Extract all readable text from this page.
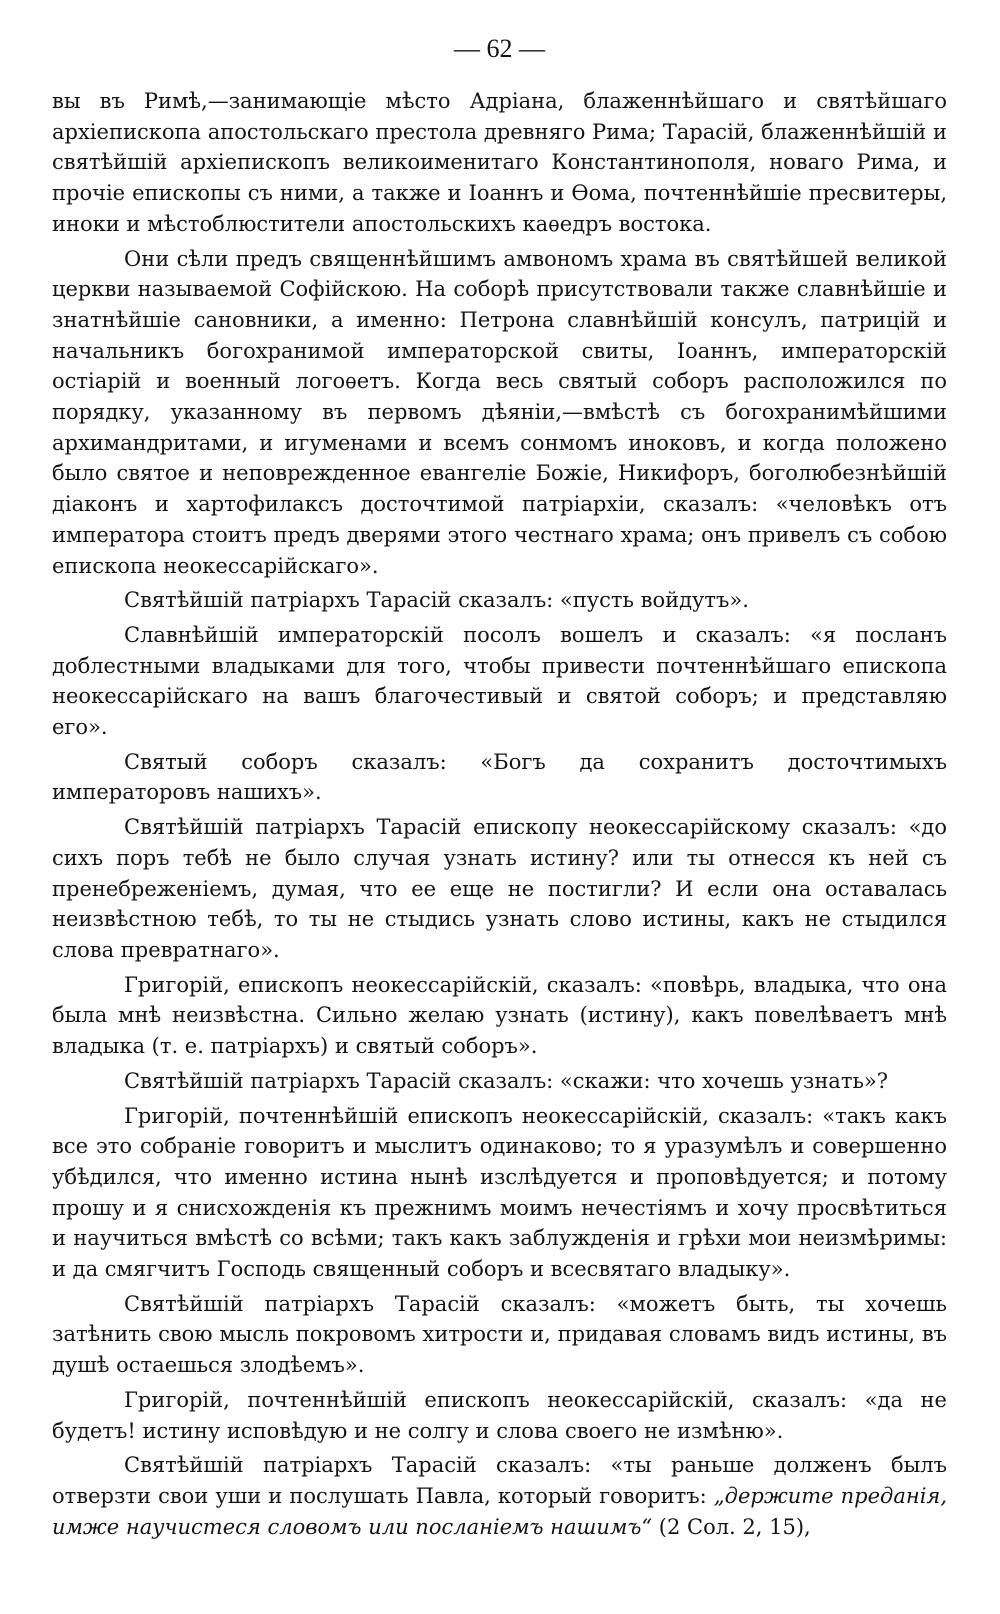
— 62 —

вы въ Римѣ,—занимающіе мѣсто Адріана, блаженнѣйшаго и святѣйшаго архіепископа апостольскаго престола древняго Рима; Тарасій, блаженнѣйшій и святѣйшій архіепископъ великоименитаго Константинополя, новаго Рима, и прочіе епископы съ ними, а также и Іоаннъ и Ѳома, почтеннѣйшіе пресвитеры, иноки и мѣстоблюстители апостольскихъ каѳедръ востока.

Они сѣли предъ священнѣйшимъ амвономъ храма въ святѣйшей великой церкви называемой Софійскою. На соборѣ присутствовали также славнѣйшіе и знатнѣйшіе сановники, а именно: Петрона славнѣйшій консулъ, патрицій и начальникъ богохранимой императорской свиты, Іоаннъ, императорскій остіарій и военный логоѳетъ. Когда весь святый соборъ расположился по порядку, указанному въ первомъ дѣяніи,—вмѣстѣ съ богохранимѣйшими архимандритами, и игуменами и всемъ сонмомъ иноковъ, и когда положено было святое и неповрежденное евангеліе Божіе, Никифоръ, боголюбезнѣйшій діаконъ и хартофилаксъ досточтимой патріархіи, сказалъ: «человѣкъ отъ императора стоитъ предъ дверями этого честнаго храма; онъ привелъ съ собою епископа неокессарійскаго».

Святѣйшій патріархъ Тарасій сказалъ: «пусть войдутъ».

Славнѣйшій императорскій посолъ вошелъ и сказалъ: «я посланъ доблестными владыками для того, чтобы привести почтеннѣйшаго епископа неокессарійскаго на вашъ благочестивый и святой соборъ; и представляю его».

Святый соборъ сказалъ: «Богъ да сохранитъ досточтимыхъ императоровъ нашихъ».

Святѣйшій патріархъ Тарасій епископу неокессарійскому сказалъ: «до сихъ поръ тебѣ не было случая узнать истину? или ты отнесся къ ней съ пренебреженіемъ, думая, что ее еще не постигли? И если она оставалась неизвѣстною тебѣ, то ты не стыдись узнать слово истины, какъ не стыдился слова превратнаго».

Григорій, епископъ неокессарійскій, сказалъ: «повѣрь, владыка, что она была мнѣ неизвѣстна. Сильно желаю узнать (истину), какъ повелѣваетъ мнѣ владыка (т. е. патріархъ) и святый соборъ».

Святѣйшій патріархъ Тарасій сказалъ: «скажи: что хочешь узнать»?

Григорій, почтеннѣйшій епископъ неокессарійскій, сказалъ: «такъ какъ все это собраніе говоритъ и мыслитъ одинаково; то я уразумѣлъ и совершенно убѣдился, что именно истина нынѣ изслѣдуется и проповѣдуется; и потому прошу и я снисхожденія къ прежнимъ моимъ нечестіямъ и хочу просвѣтиться и научиться вмѣстѣ со всѣми; такъ какъ заблужденія и грѣхи мои неизмѣримы: и да смягчитъ Господь священный соборъ и всесвятаго владыку».

Святѣйшій патріархъ Тарасій сказалъ: «можетъ быть, ты хочешь затѣнить свою мысль покровомъ хитрости и, придавая словамъ видъ истины, въ душѣ остаешься злодѣемъ».

Григорій, почтеннѣйшій епископъ неокессарійскій, сказалъ: «да не будетъ! истину исповѣдую и не солгу и слова своего не измѣню».

Святѣйшій патріархъ Тарасій сказалъ: «ты раньше долженъ былъ отверзти свои уши и послушать Павла, который говоритъ: „держите преданія, имже научистеся словомъ или посланіемъ нашимъ“ (2 Сол. 2, 15),
